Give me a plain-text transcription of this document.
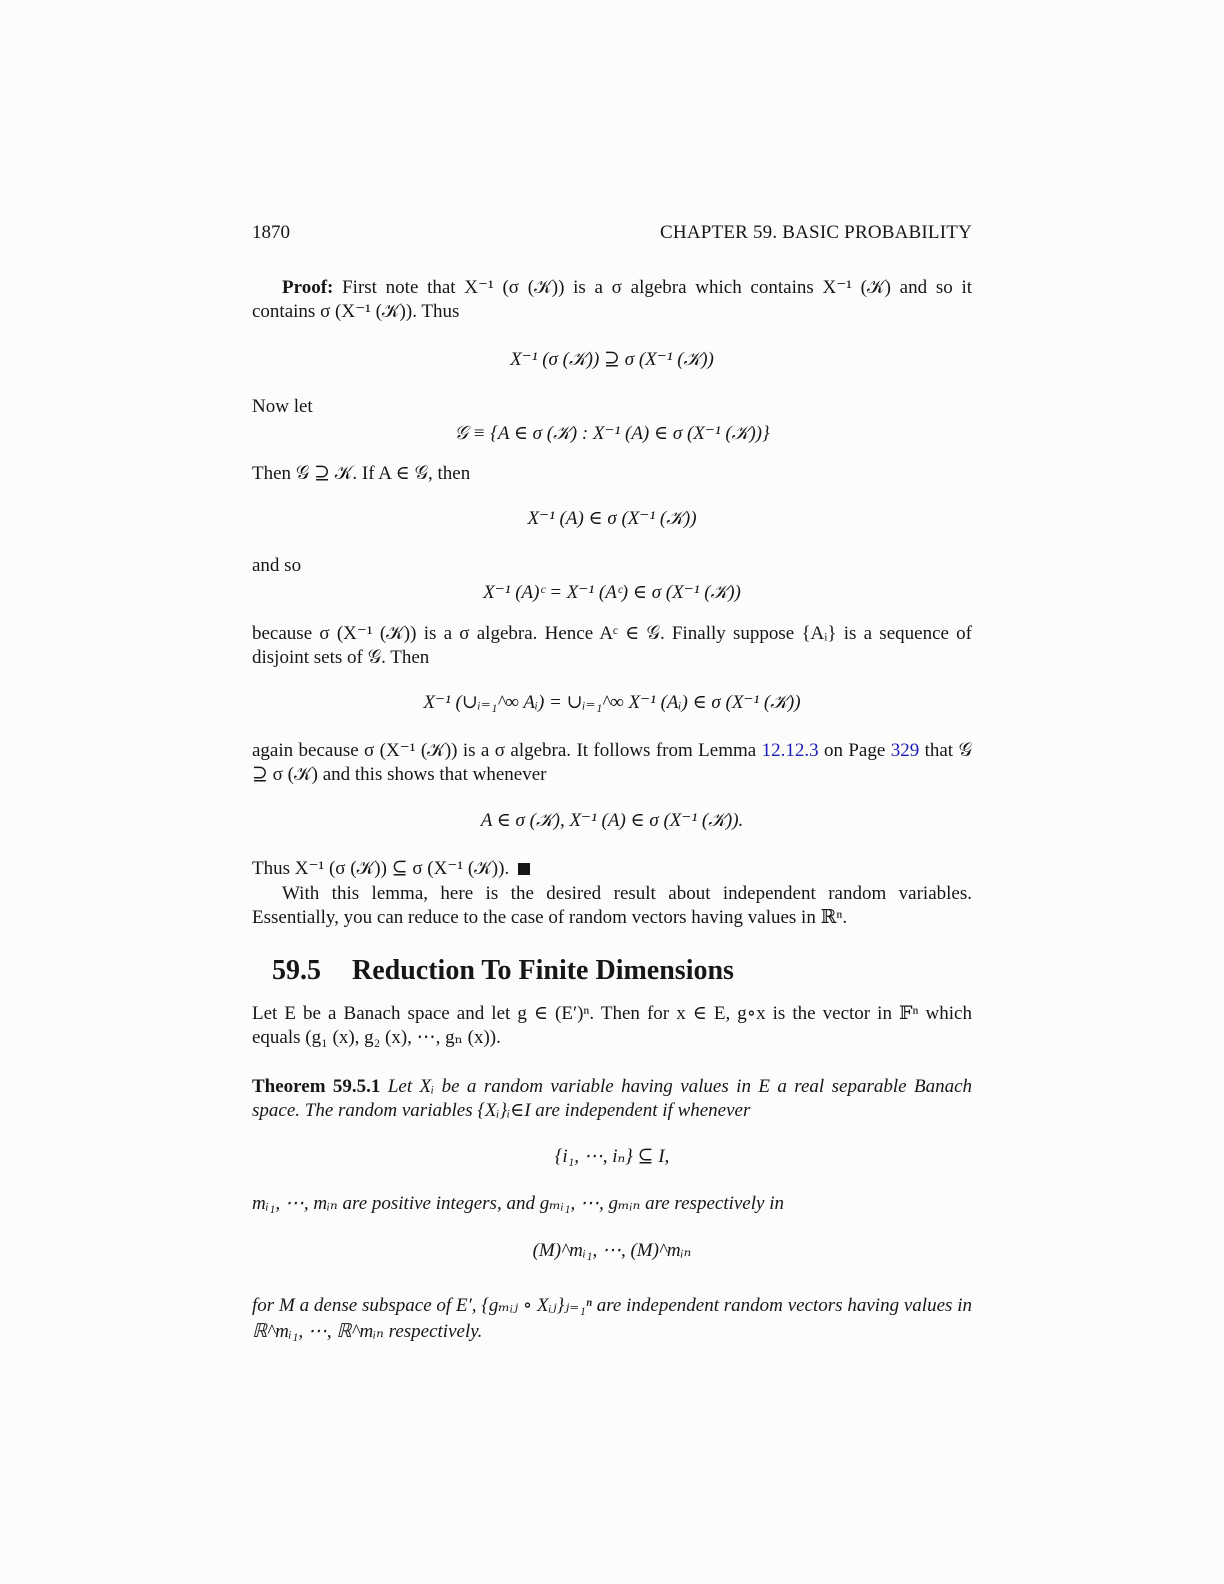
1870	CHAPTER 59. BASIC PROBABILITY
Proof: First note that X⁻¹ (σ (𝒦)) is a σ algebra which contains X⁻¹ (𝒦) and so it contains σ (X⁻¹ (𝒦)). Thus
X⁻¹ (σ (𝒦)) ⊇ σ (X⁻¹ (𝒦))
Now let
𝒢 ≡ {A ∈ σ (𝒦) : X⁻¹ (A) ∈ σ (X⁻¹ (𝒦))}
Then 𝒢 ⊇ 𝒦. If A ∈ 𝒢, then
X⁻¹ (A) ∈ σ (X⁻¹ (𝒦))
and so
X⁻¹ (A)ᶜ = X⁻¹ (Aᶜ) ∈ σ (X⁻¹ (𝒦))
because σ (X⁻¹ (𝒦)) is a σ algebra. Hence Aᶜ ∈ 𝒢. Finally suppose {Aᵢ} is a sequence of disjoint sets of 𝒢. Then
X⁻¹ (∪ᵢ₌₁^∞ Aᵢ) = ∪ᵢ₌₁^∞ X⁻¹ (Aᵢ) ∈ σ (X⁻¹ (𝒦))
again because σ (X⁻¹ (𝒦)) is a σ algebra. It follows from Lemma 12.12.3 on Page 329 that 𝒢 ⊇ σ (𝒦) and this shows that whenever
A ∈ σ (𝒦), X⁻¹ (A) ∈ σ (X⁻¹ (𝒦)).
Thus X⁻¹ (σ (𝒦)) ⊆ σ (X⁻¹ (𝒦)).
With this lemma, here is the desired result about independent random variables. Essentially, you can reduce to the case of random vectors having values in ℝⁿ.
59.5 Reduction To Finite Dimensions
Let E be a Banach space and let g ∈ (E′)ⁿ. Then for x ∈ E, g∘x is the vector in 𝔽ⁿ which equals (g₁ (x), g₂ (x), ⋯, gₙ (x)).
Theorem 59.5.1 Let Xᵢ be a random variable having values in E a real separable Banach space. The random variables {Xᵢ}ᵢ∈I are independent if whenever
{i₁, ⋯, iₙ} ⊆ I,
mᵢ₁, ⋯, mᵢₙ are positive integers, and gₘᵢ₁, ⋯, gₘᵢₙ are respectively in
(M)^mᵢ₁, ⋯, (M)^mᵢₙ
for M a dense subspace of E′, {gₘᵢⱼ ∘ Xᵢⱼ}ⱼ₌₁ⁿ are independent random vectors having values in ℝ^mᵢ₁, ⋯, ℝ^mᵢₙ respectively.
